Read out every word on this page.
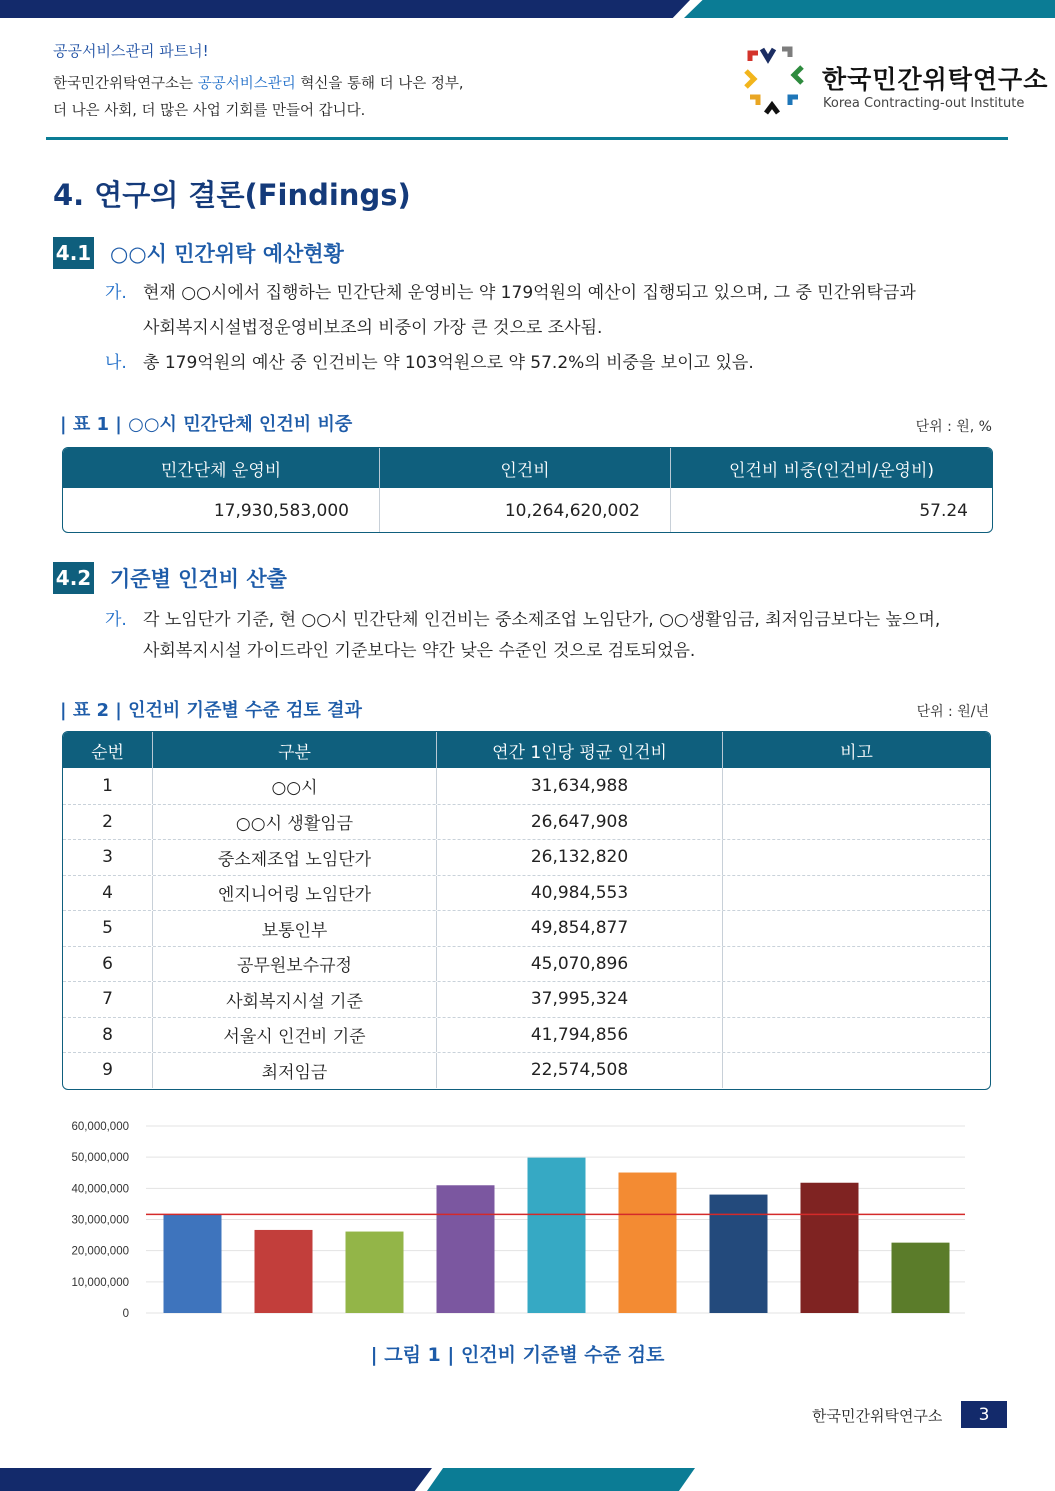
공공서비스관리 파트너!
한국민간위탁연구소는 공공서비스관리 혁신을 통해 더 나은 정부,
더 나은 사회, 더 많은 사업 기회를 만들어 갑니다.
한국민간위탁연구소
Korea Contracting-out Institute
4. 연구의 결론(Findings)
4.1 ○○시 민간위탁 예산현황
가. 현재 ○○시에서 집행하는 민간단체 운영비는 약 179억원의 예산이 집행되고 있으며, 그 중 민간위탁금과
사회복지시설법정운영비보조의 비중이 가장 큰 것으로 조사됨.
나. 총 179억원의 예산 중 인건비는 약 103억원으로 약 57.2%의 비중을 보이고 있음.
| 표 1 | ○○시 민간단체 인건비 비중	단위 : 원, %
민간단체 운영비	인건비	인건비 비중(인건비/운영비)
17,930,583,000	10,264,620,002	57.24
4.2 기준별 인건비 산출
가. 각 노임단가 기준, 현 ○○시 민간단체 인건비는 중소제조업 노임단가, ○○생활임금, 최저임금보다는 높으며,
사회복지시설 가이드라인 기준보다는 약간 낮은 수준인 것으로 검토되었음.
| 표 2 | 인건비 기준별 수준 검토 결과	단위 : 원/년
순번	구분	연간 1인당 평균 인건비	비고
1	○○시	31,634,988
2	○○시 생활임금	26,647,908
3	중소제조업 노임단가	26,132,820
4	엔지니어링 노임단가	40,984,553
5	보통인부	49,854,877
6	공무원보수규정	45,070,896
7	사회복지시설 기준	37,995,324
8	서울시 인건비 기준	41,794,856
9	최저임금	22,574,508
0
10,000,000
20,000,000
30,000,000
40,000,000
50,000,000
60,000,000
| 그림 1 | 인건비 기준별 수준 검토
한국민간위탁연구소	3
